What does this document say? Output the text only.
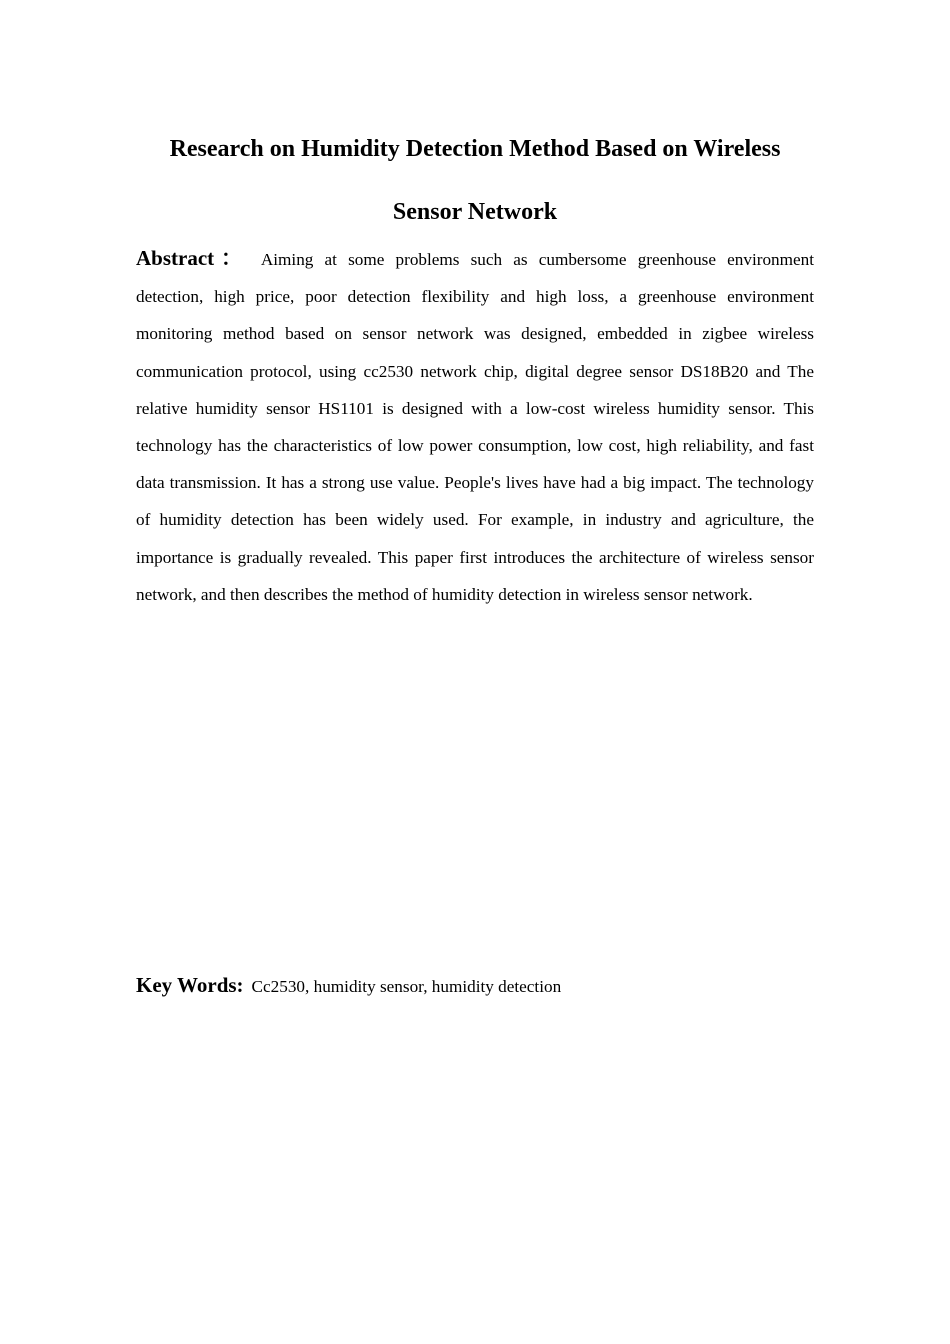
Research on Humidity Detection Method Based on Wireless
Sensor Network

Abstract： Aiming at some problems such as cumbersome greenhouse environment detection, high price, poor detection flexibility and high loss, a greenhouse environment monitoring method based on sensor network was designed, embedded in zigbee wireless communication protocol, using cc2530 network chip, digital degree sensor DS18B20 and The relative humidity sensor HS1101 is designed with a low-cost wireless humidity sensor. This technology has the characteristics of low power consumption, low cost, high reliability, and fast data transmission. It has a strong use value. People's lives have had a big impact. The technology of humidity detection has been widely used. For example, in industry and agriculture, the importance is gradually revealed. This paper first introduces the architecture of wireless sensor network, and then describes the method of humidity detection in wireless sensor network.

Key Words: Cc2530, humidity sensor, humidity detection
